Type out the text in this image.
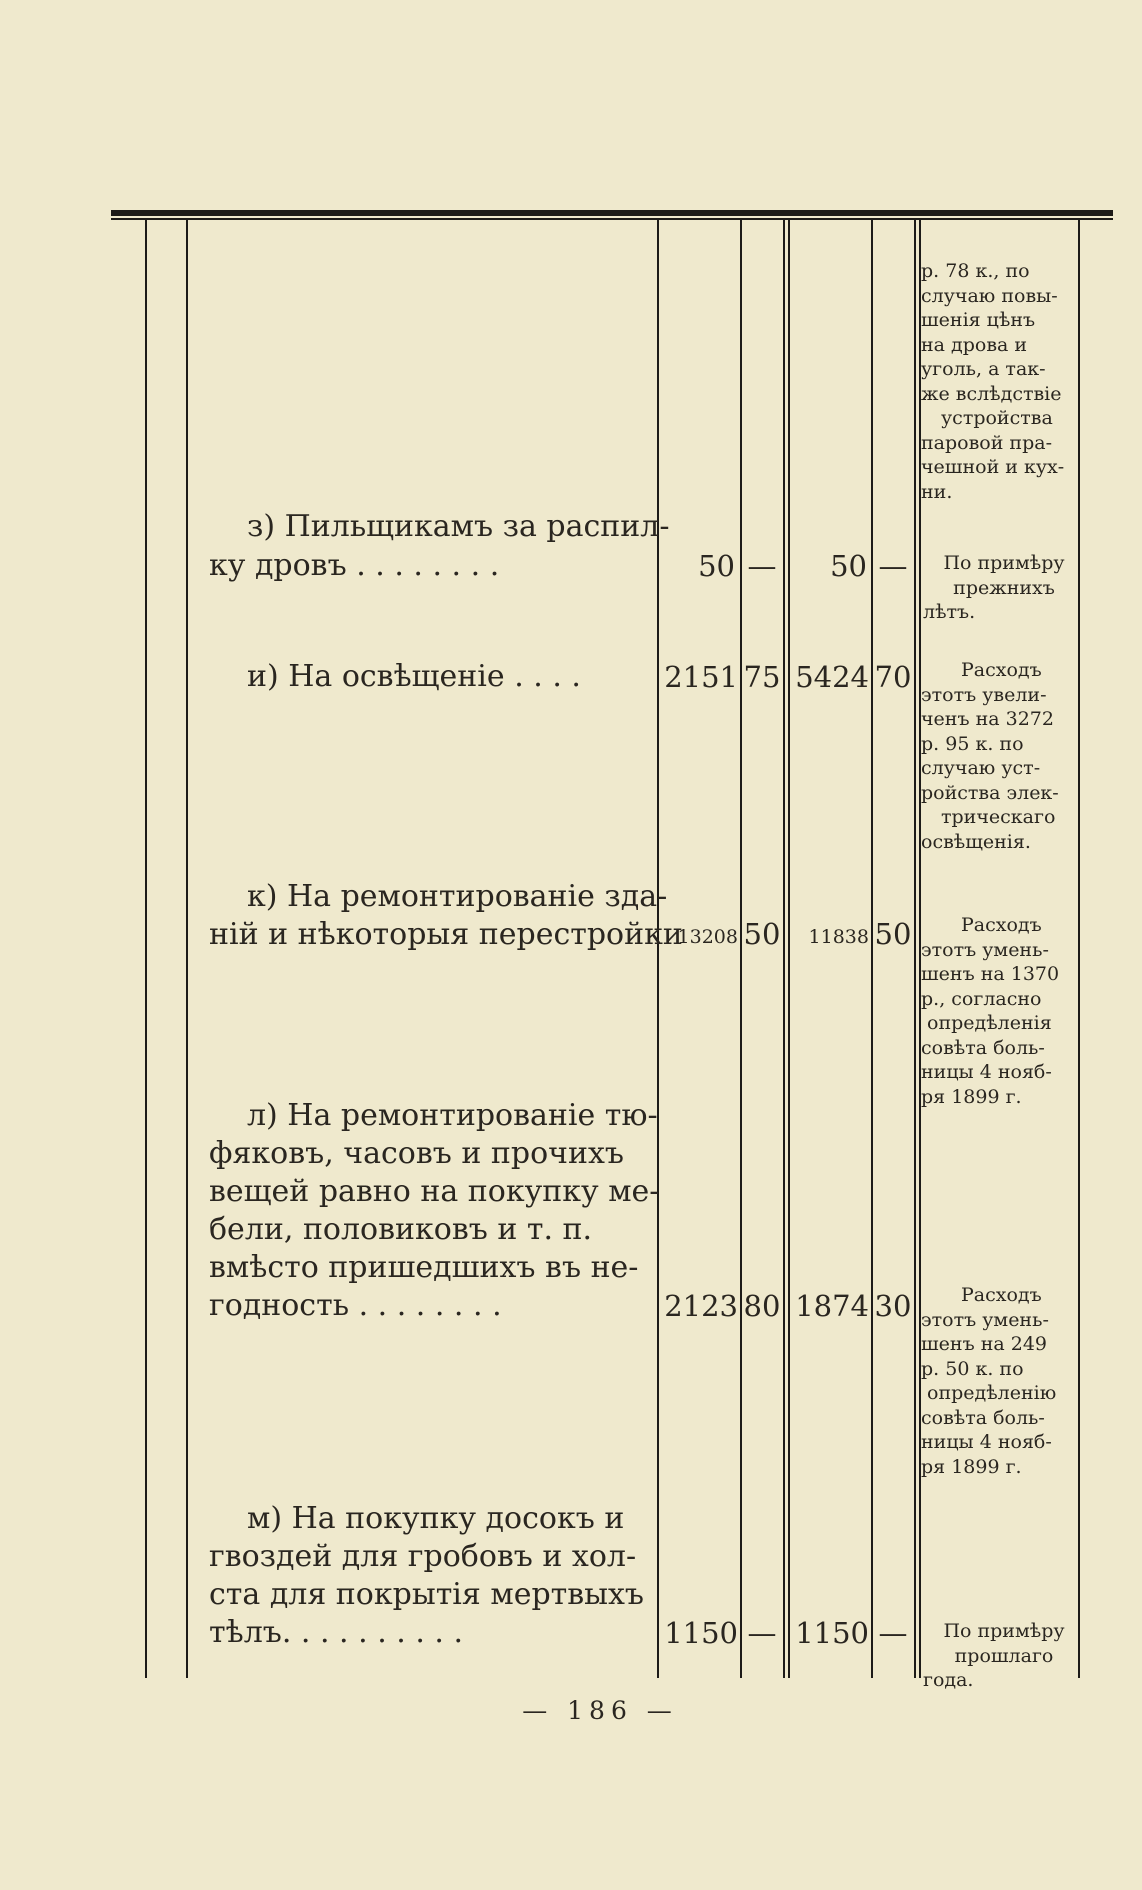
р. 78 к., по
случаю повы-
шенія цѣнъ
на дрова и
уголь, а так-
же вслѣдствіе
устройства
паровой пра-
чешной и кух-
ни.
з) Пильщикамъ за распил-
ку дровъ . . . . . . . .	50 —	50 —	По примѣру
прежнихъ
лѣтъ.
и) На освѣщеніе . . . .	2151 75 5424 70	Расходъ
этотъ увели-
ченъ на 3272
р. 95 к. по
случаю уст-
ройства элек-
трическаго
освѣщенія.
к) На ремонтированіе зда-
ній и нѣкоторыя перестройки
13208 50	11838 50	Расходъ
этотъ умень-
шенъ на 1370
р., согласно
опредѣленія
совѣта боль-
ницы 4 нояб-
ря 1899 г.
л) На ремонтированіе тю-
фяковъ, часовъ и прочихъ
вещей равно на покупку ме-
бели, половиковъ и т. п.
вмѣсто пришедшихъ въ не-
годность . . . . . . . .	2123 80 1874 30	Расходъ
этотъ умень-
шенъ на 249
р. 50 к. по
опредѣленію
совѣта боль-
ницы 4 нояб-
ря 1899 г.
м) На покупку досокъ и
гвоздей для гробовъ и хол-
ста для покрытія мертвыхъ
тѣлъ. . . . . . . . . .	1150 — 1150 —	По примѣру
прошлаго
года.
— 186 —
